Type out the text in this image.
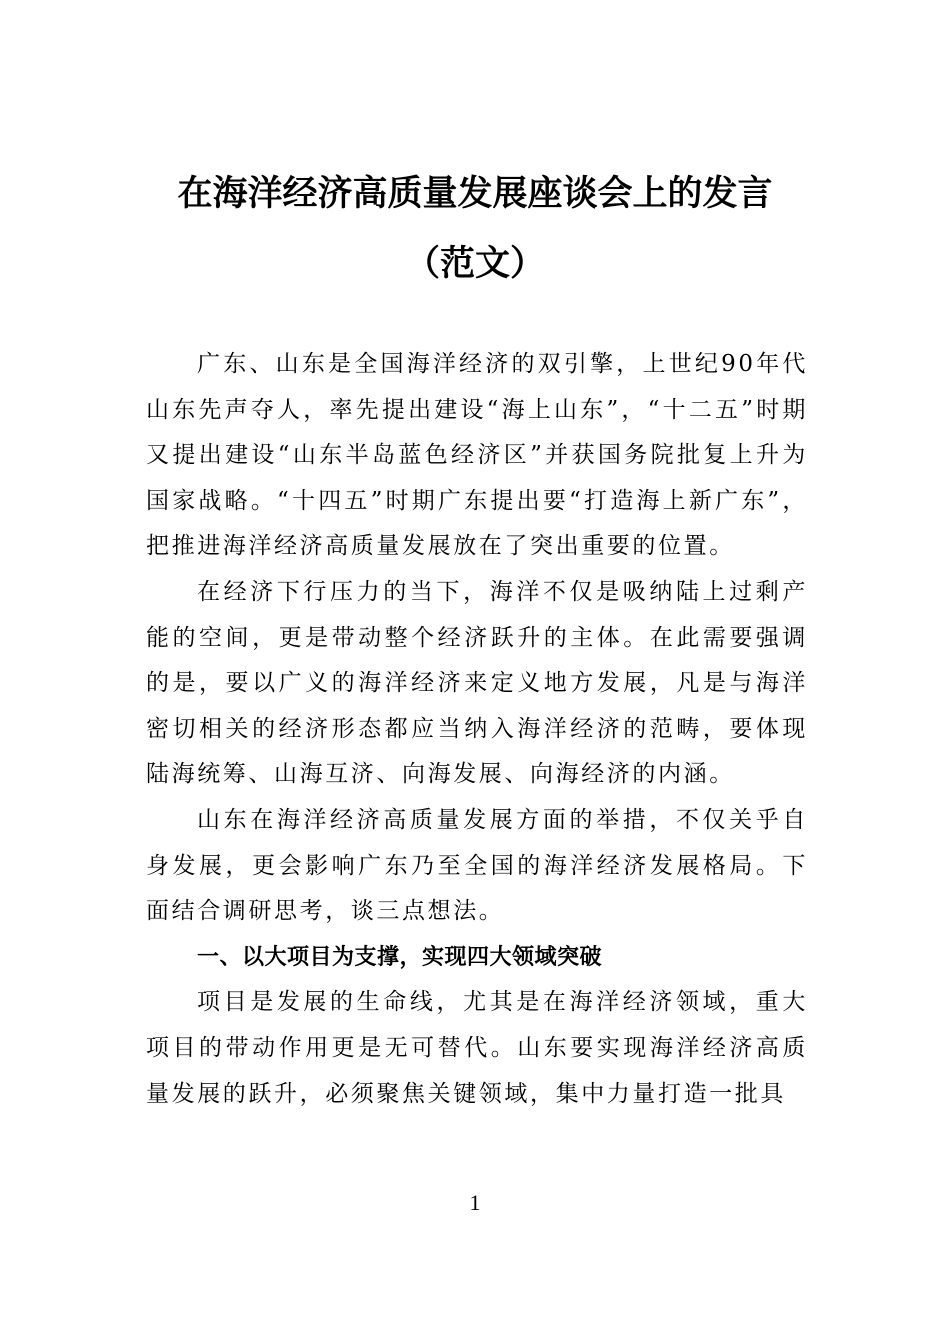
在海洋经济高质量发展座谈会上的发言
（范文）

广东、山东是全国海洋经济的双引擎，上世纪90年代山东先声夺人，率先提出建设“海上山东”，“十二五”时期又提出建设“山东半岛蓝色经济区”并获国务院批复上升为国家战略。“十四五”时期广东提出要“打造海上新广东”，把推进海洋经济高质量发展放在了突出重要的位置。

在经济下行压力的当下，海洋不仅是吸纳陆上过剩产能的空间，更是带动整个经济跃升的主体。在此需要强调的是，要以广义的海洋经济来定义地方发展，凡是与海洋密切相关的经济形态都应当纳入海洋经济的范畴，要体现陆海统筹、山海互济、向海发展、向海经济的内涵。

山东在海洋经济高质量发展方面的举措，不仅关乎自身发展，更会影响广东乃至全国的海洋经济发展格局。下面结合调研思考，谈三点想法。

一、以大项目为支撑，实现四大领域突破

项目是发展的生命线，尤其是在海洋经济领域，重大项目的带动作用更是无可替代。山东要实现海洋经济高质量发展的跃升，必须聚焦关键领域，集中力量打造一批具

1
